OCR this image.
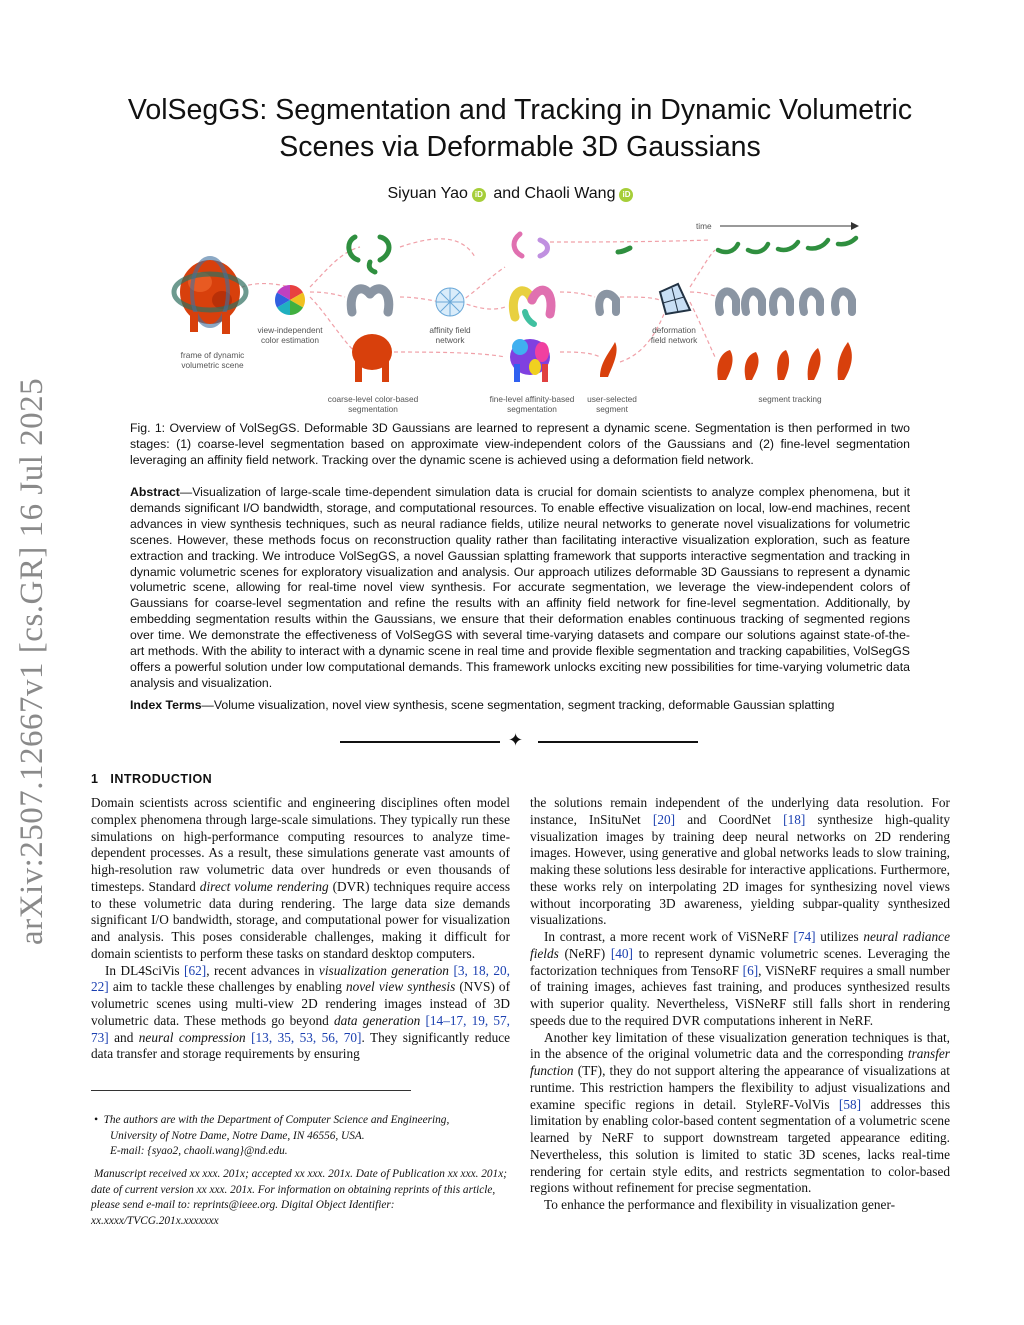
arXiv:2507.12667v1 [cs.GR] 16 Jul 2025
VolSegGS: Segmentation and Tracking in Dynamic Volumetric Scenes via Deformable 3D Gaussians
Siyuan Yao iD and Chaoli Wang iD
time
frame of dynamic volumetric scene
view-independent color estimation
affinity field network
deformation field network
coarse-level color-based segmentation
fine-level affinity-based segmentation
user-selected segment
segment tracking
Fig. 1: Overview of VolSegGS. Deformable 3D Gaussians are learned to represent a dynamic scene. Segmentation is then performed in two stages: (1) coarse-level segmentation based on approximate view-independent colors of the Gaussians and (2) fine-level segmentation leveraging an affinity field network. Tracking over the dynamic scene is achieved using a deformation field network.
Abstract—Visualization of large-scale time-dependent simulation data is crucial for domain scientists to analyze complex phenomena, but it demands significant I/O bandwidth, storage, and computational resources. To enable effective visualization on local, low-end machines, recent advances in view synthesis techniques, such as neural radiance fields, utilize neural networks to generate novel visualizations for volumetric scenes. However, these methods focus on reconstruction quality rather than facilitating interactive visualization exploration, such as feature extraction and tracking. We introduce VolSegGS, a novel Gaussian splatting framework that supports interactive segmentation and tracking in dynamic volumetric scenes for exploratory visualization and analysis. Our approach utilizes deformable 3D Gaussians to represent a dynamic volumetric scene, allowing for real-time novel view synthesis. For accurate segmentation, we leverage the view-independent colors of Gaussians for coarse-level segmentation and refine the results with an affinity field network for fine-level segmentation. Additionally, by embedding segmentation results within the Gaussians, we ensure that their deformation enables continuous tracking of segmented regions over time. We demonstrate the effectiveness of VolSegGS with several time-varying datasets and compare our solutions against state-of-the-art methods. With the ability to interact with a dynamic scene in real time and provide flexible segmentation and tracking capabilities, VolSegGS offers a powerful solution under low computational demands. This framework unlocks exciting new possibilities for time-varying volumetric data analysis and visualization.
Index Terms—Volume visualization, novel view synthesis, scene segmentation, segment tracking, deformable Gaussian splatting
✦
1 INTRODUCTION

Domain scientists across scientific and engineering disciplines often model complex phenomena through large-scale simulations. They typically run these simulations on high-performance computing resources to analyze time-dependent processes. As a result, these simulations generate vast amounts of high-resolution raw volumetric data over hundreds or even thousands of timesteps. Standard direct volume rendering (DVR) techniques require access to these volumetric data during rendering. The large data size demands significant I/O bandwidth, storage, and computational power for visualization and analysis. This poses considerable challenges, making it difficult for domain scientists to perform these tasks on standard desktop computers.

In DL4SciVis [62], recent advances in visualization generation [3, 18, 20, 22] aim to tackle these challenges by enabling novel view synthesis (NVS) of volumetric scenes using multi-view 2D rendering images instead of 3D volumetric data. These methods go beyond data generation [14–17, 19, 57, 73] and neural compression [13, 35, 53, 56, 70]. They significantly reduce data transfer and storage requirements by ensuring

•  The authors are with the Department of Computer Science and Engineering,
University of Notre Dame, Notre Dame, IN 46556, USA.
E-mail: {syao2, chaoli.wang}@nd.edu.
Manuscript received xx xxx. 201x; accepted xx xxx. 201x. Date of Publication xx xxx. 201x; date of current version xx xxx. 201x. For information on obtaining reprints of this article, please send e-mail to: reprints@ieee.org. Digital Object Identifier: xx.xxxx/TVCG.201x.xxxxxxx

the solutions remain independent of the underlying data resolution. For instance, InSituNet [20] and CoordNet [18] synthesize high-quality visualization images by training deep neural networks on 2D rendering images. However, using generative and global networks leads to slow training, making these solutions less desirable for interactive applications. Furthermore, these works rely on interpolating 2D images for synthesizing novel views without incorporating 3D awareness, yielding subpar-quality synthesized visualizations.

In contrast, a more recent work of ViSNeRF [74] utilizes neural radiance fields (NeRF) [40] to represent dynamic volumetric scenes. Leveraging the factorization techniques from TensoRF [6], ViSNeRF requires a small number of training images, achieves fast training, and produces synthesized results with superior quality. Nevertheless, ViSNeRF still falls short in rendering speeds due to the required DVR computations inherent in NeRF.

Another key limitation of these visualization generation techniques is that, in the absence of the original volumetric data and the corresponding transfer function (TF), they do not support altering the appearance of visualizations at runtime. This restriction hampers the flexibility to adjust visualizations and examine specific regions in detail. StyleRF-VolVis [58] addresses this limitation by enabling color-based content segmentation of a volumetric scene learned by NeRF to support downstream targeted appearance editing. Nevertheless, this solution is limited to static 3D scenes, lacks real-time rendering for certain style edits, and restricts segmentation to color-based regions without refinement for precise segmentation.

To enhance the performance and flexibility in visualization gener-
